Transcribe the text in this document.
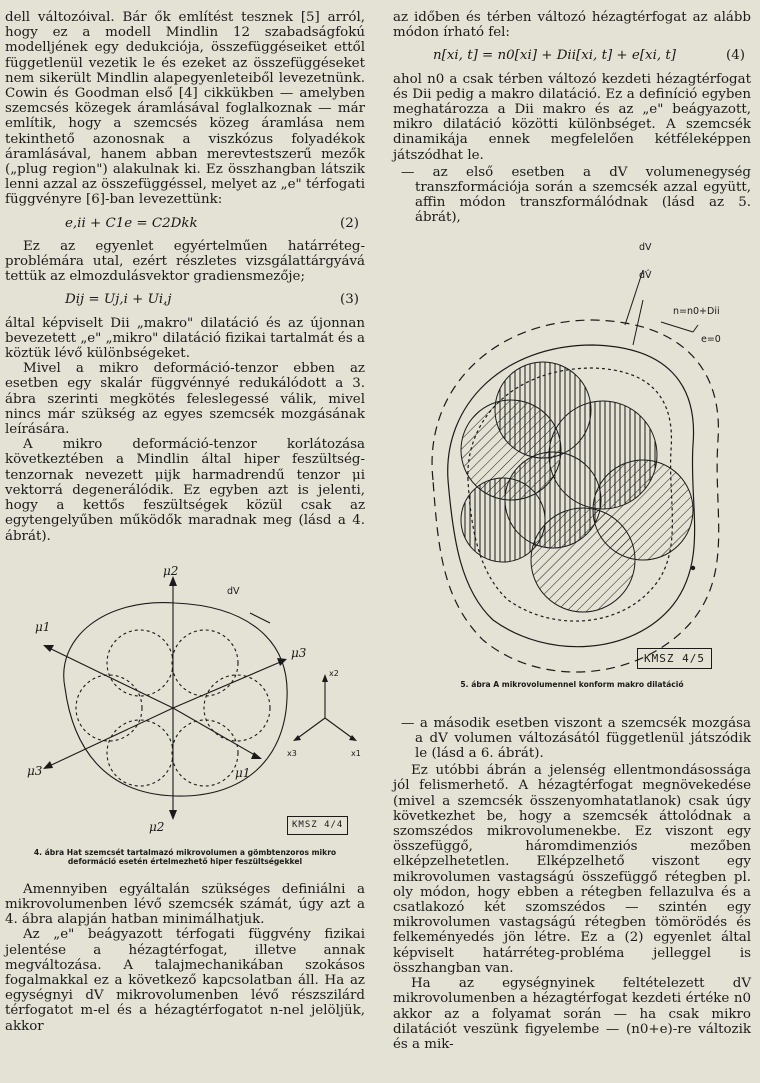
dell változóival. Bár ők említést tesznek [5] arról, hogy ez a modell Mindlin 12 szabadságfokú modelljének egy dedukciója, összefüggéseiket ettől függetlenül vezetik le és ezeket az összefüggéseket nem sikerült Mindlin alapegyenleteiből levezetnünk. Cowin és Goodman első [4] cikkükben — amelyben szemcsés közegek áramlásával foglalkoznak — már említik, hogy a szemcsés közeg áramlása nem tekinthető azonosnak a viszkózus folyadékok áramlásával, hanem abban merevtestszerű mezők („plug region") alakulnak ki. Ez összhangban látszik lenni azzal az összefüggéssel, melyet az „e" térfogati függvényre [6]-ban levezettünk:

e,ii + C1e = C2Dkk	(2)

Ez az egyenlet egyértelműen határréteg-problémára utal, ezért részletes vizsgálattárgyává tettük az elmozdulásvektor gradiensmezője;

Dij = Uj,i + Ui,j	(3)

által képviselt Dii „makro" dilatáció és az újonnan bevezetett „e" „mikro" dilatáció fizikai tartalmát és a köztük lévő különbségeket.

Mivel a mikro deformáció-tenzor ebben az esetben egy skalár függvénnyé redukálódott a 3. ábra szerinti megkötés feleslegessé válik, mivel nincs már szükség az egyes szemcsék mozgásának leírására.

A mikro deformáció-tenzor korlátozása következtében a Mindlin által hiper feszültség-tenzornak nevezett μijk harmadrendű tenzor μi vektorrá degenerálódik. Ez egyben azt is jelenti, hogy a kettős feszültségek közül csak az egytengelyűben működők maradnak meg (lásd a 4. ábrát).

μ2
dV
μ1
μ3
μ3	μ1
μ2
x2
x3	x1
KMSZ 4/4
4. ábra Hat szemcsét tartalmazó mikrovolumen a gömbtenzoros mikro deformáció esetén értelmezhető hiper feszültségekkel

Amennyiben egyáltalán szükséges definiálni a mikrovolumenben lévő szemcsék számát, úgy azt a 4. ábra alapján hatban minimálhatjuk.

Az „e" beágyazott térfogati függvény fizikai jelentése a hézagtérfogat, illetve annak megváltozása. A talajmechanikában szokásos fogalmakkal ez a következő kapcsolatban áll. Ha az egységnyi dV mikrovolumenben lévő részszilárd térfogatot m-el és a hézagtérfogatot n-nel jelöljük, akkor

az időben és térben változó hézagtérfogat az alább módon írható fel:

n[xi, t] = n0[xi] + Dii[xi, t] + e[xi, t]	(4)

ahol n0 a csak térben változó kezdeti hézagtérfogat és Dii pedig a makro dilatáció. Ez a definíció egyben meghatározza a Dii makro és az „e" beágyazott, mikro dilatáció közötti különbséget. A szemcsék dinamikája ennek megfelelően kétféleképpen játszódhat le.

— az első esetben a dV volumenegység transzformációja során a szemcsék azzal együtt, affin módon transzformálódnak (lásd az 5. ábrát),

dV
dV̂
n=n0+Dii
e=0
KMSZ 4/5
5. ábra A mikrovolumennel konform makro dilatáció

— a második esetben viszont a szemcsék mozgása a dV volumen változásától függetlenül játszódik le (lásd a 6. ábrát).

Ez utóbbi ábrán a jelenség ellentmondásossága jól felismerhető. A hézagtérfogat megnövekedése (mivel a szemcsék összenyomhatatlanok) csak úgy következhet be, hogy a szemcsék áttolódnak a szomszédos mikrovolumenekbe. Ez viszont egy összefüggő, háromdimenziós mezőben elképzelhetetlen. Elképzelhető viszont egy mikrovolumen vastagságú összefüggő rétegben pl. oly módon, hogy ebben a rétegben fellazulva és a csatlakozó két szomszédos — szintén egy mikrovolumen vastagságú rétegben tömörödés és felkeményedés jön létre. Ez a (2) egyenlet által képviselt határréteg-probléma jelleggel is összhangban van.

Ha az egységnyinek feltételezett dV mikrovolumenben a hézagtérfogat kezdeti értéke n0 akkor az a folyamat során — ha csak mikro dilatációt veszünk figyelembe — (n0+e)-re változik és a mik-
